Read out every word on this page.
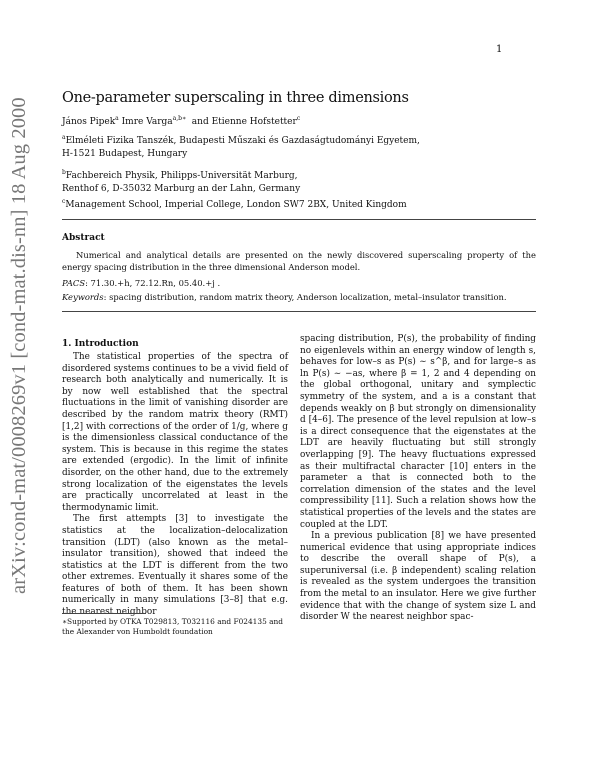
1
arXiv:cond-mat/0008269v1 [cond-mat.dis-nn] 18 Aug 2000 One-parameter superscaling in three dimensions
János Pipek$^a$ Imre Varga$^{a,b∗}$ and Etienne Hofstetter$^c$
$^a$Elméleti Fizika Tanszék, Budapesti Műszaki és Gazdaságtudományi Egyetem,
H-1521 Budapest, Hungary
$^b$Fachbereich Physik, Philipps-Universität Marburg,
Renthof 6, D-35032 Marburg an der Lahn, Germany
$^c$Management School, Imperial College, London SW7 2BX, United Kingdom
Abstract
Numerical and analytical details are presented on the newly discovered superscaling property of the energy spacing distribution in the three dimensional Anderson model.
PACS: 71.30.+h, 72.12.Rn, 05.40.+j .
Keywords: spacing distribution, random matrix theory, Anderson localization, metal–insulator transition.
1. Introduction

The statistical properties of the spectra of disordered systems continues to be a vivid field of research both analytically and numerically. It is by now well established that the spectral fluctuations in the limit of vanishing disorder are described by the random matrix theory (RMT) [1,2] with corrections of the order of 1/g, where g is the dimensionless classical conductance of the system. This is because in this regime the states are extended (ergodic). In the limit of infinite disorder, on the other hand, due to the extremely strong localization of the eigenstates the levels are practically uncorrelated at least in the thermodynamic limit.

The first attempts [3] to investigate the statistics at the localization–delocalization transition (LDT) (also known as the metal–insulator transition), showed that indeed the statistics at the LDT is different from the two other extremes. Eventually it shares some of the features of both of them. It has been shown numerically in many simulations [3–8] that e.g. the nearest neighbor

∗Supported by OTKA T029813, T032116 and F024135 and the Alexander von Humboldt foundation

spacing distribution, P(s), the probability of finding no eigenlevels within an energy window of length s, behaves for low–s as P(s) ∼ s^β, and for large–s as ln P(s) ∼ −as, where β = 1, 2 and 4 depending on the global orthogonal, unitary and symplectic symmetry of the system, and a is a constant that depends weakly on β but strongly on dimensionality d [4–6]. The presence of the level repulsion at low–s is a direct consequence that the eigenstates at the LDT are heavily fluctuating but still strongly overlapping [9]. The heavy fluctuations expressed as their multifractal character [10] enters in the parameter a that is connected both to the correlation dimension of the states and the level compressibility [11]. Such a relation shows how the statistical properties of the levels and the states are coupled at the LDT.

In a previous publication [8] we have presented numerical evidence that using appropriate indices to describe the overall shape of P(s), a superuniversal (i.e. β independent) scaling relation is revealed as the system undergoes the transition from the metal to an insulator. Here we give further evidence that with the change of system size L and disorder W the nearest neighbor spac-
